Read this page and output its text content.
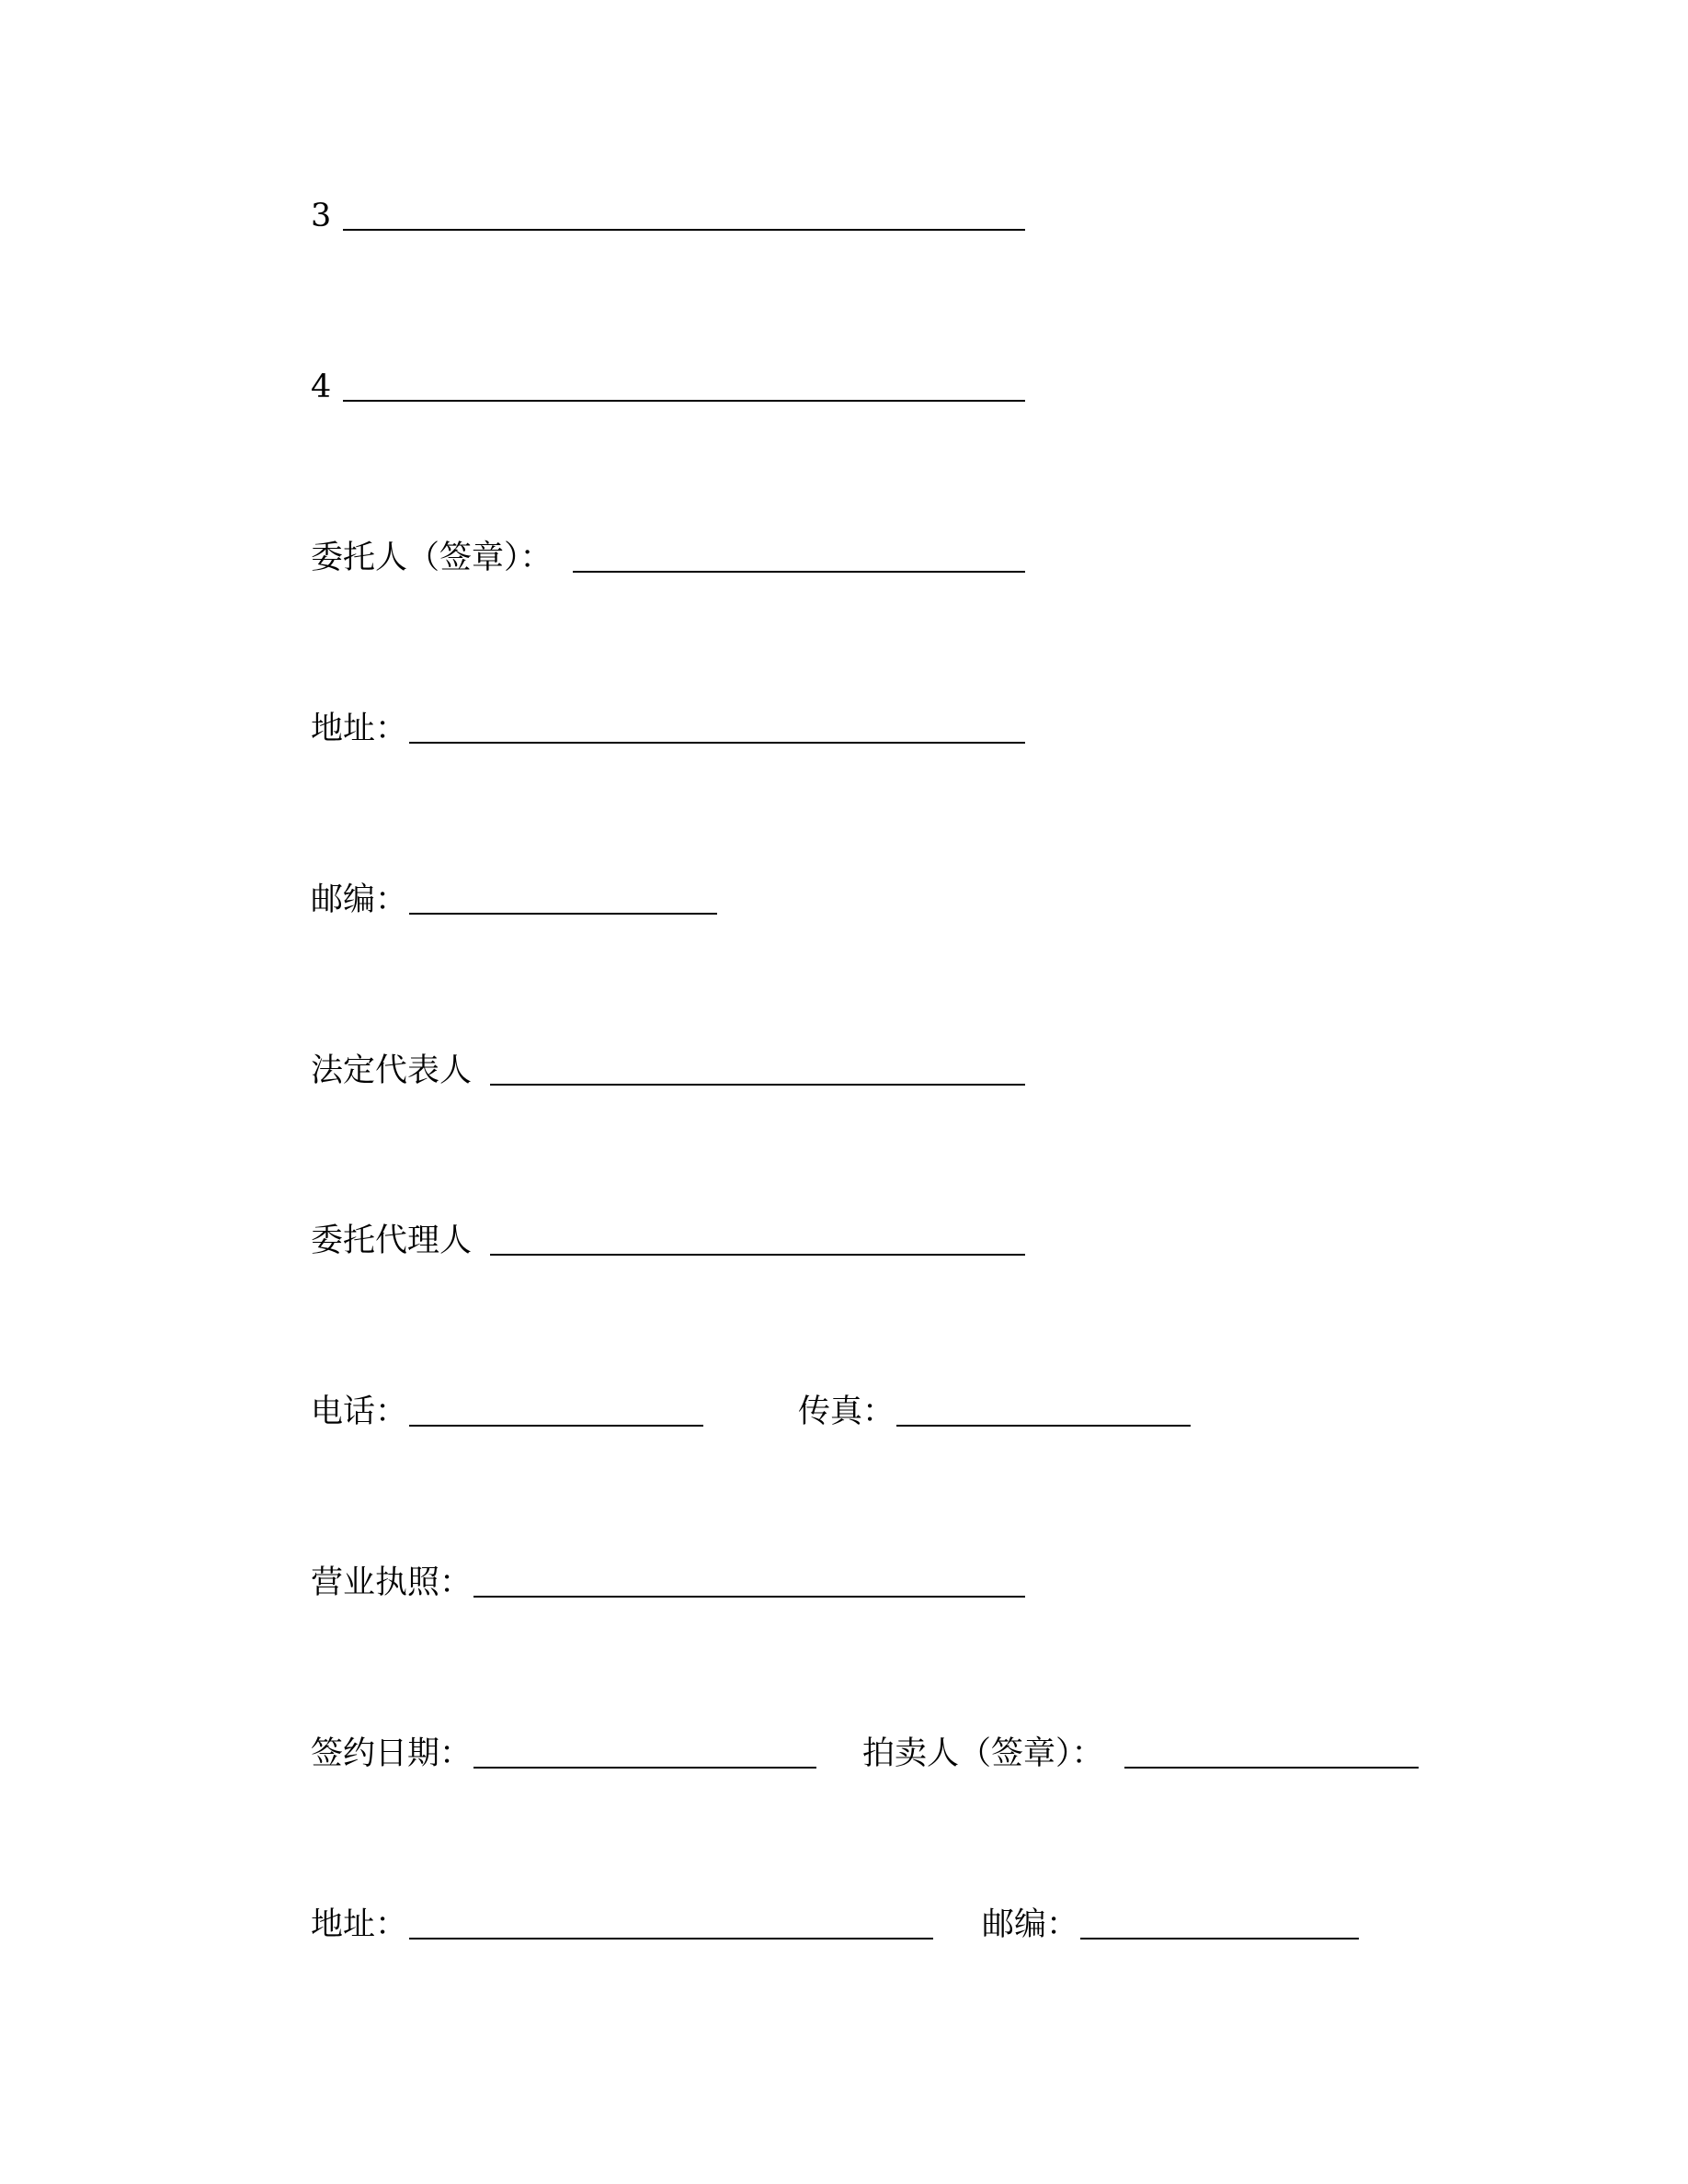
3
4
委托人（签章）：
地址：
邮编：
法定代表人
委托代理人
电话：	传真：
营业执照：
签约日期：	拍卖人（签章）：
地址：	邮编：
